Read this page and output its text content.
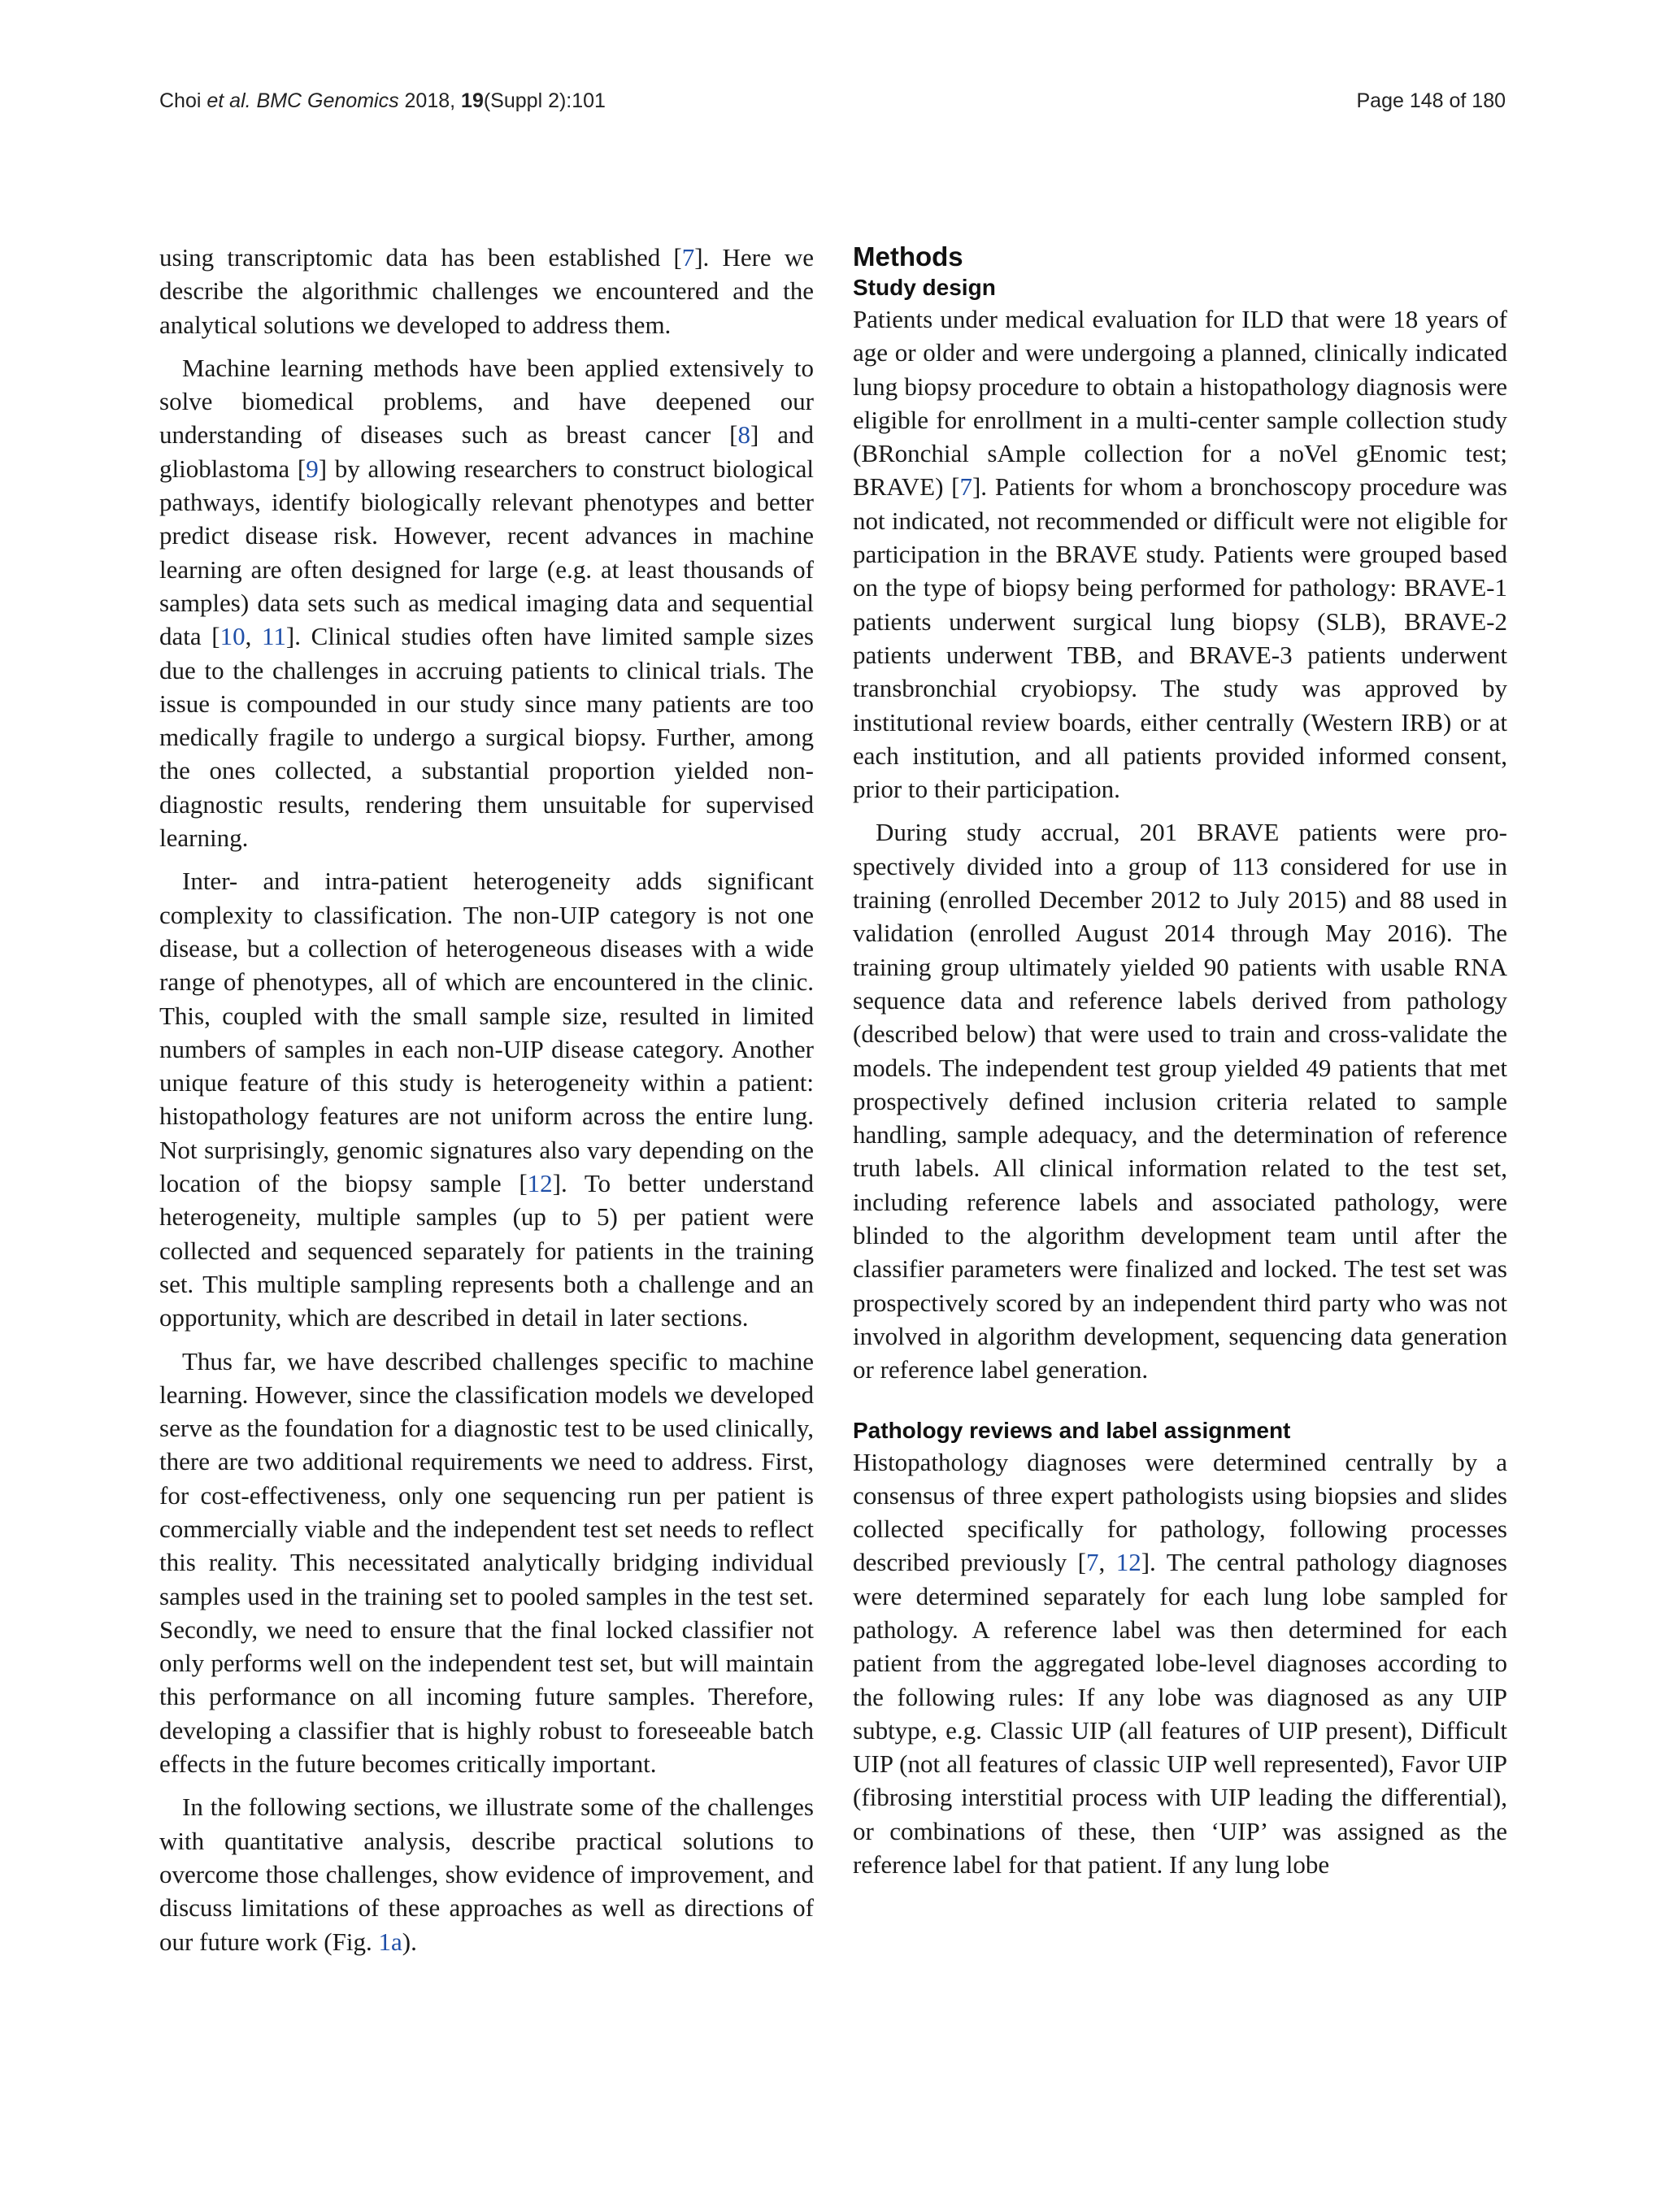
Choi et al. BMC Genomics 2018, 19(Suppl 2):101	Page 148 of 180

using transcriptomic data has been established [7]. Here we describe the algorithmic challenges we encountered and the analytical solutions we developed to address them.

Machine learning methods have been applied extensively to solve biomedical problems, and have deepened our understanding of diseases such as breast cancer [8] and glioblastoma [9] by allowing researchers to construct biological pathways, identify biologically relevant phenotypes and better predict disease risk. However, recent advances in machine learning are often designed for large (e.g. at least thousands of samples) data sets such as medical imaging data and sequential data [10, 11]. Clinical studies often have limited sample sizes due to the challenges in accruing patients to clinical trials. The issue is compounded in our study since many patients are too medically fragile to undergo a surgical biopsy. Further, among the ones collected, a substantial proportion yielded non-diagnostic results, rendering them unsuitable for supervised learning.

Inter- and intra-patient heterogeneity adds significant complexity to classification. The non-UIP category is not one disease, but a collection of heterogeneous diseases with a wide range of phenotypes, all of which are encountered in the clinic. This, coupled with the small sample size, resulted in limited numbers of samples in each non-UIP disease category. Another unique feature of this study is heterogeneity within a patient: histopathology features are not uniform across the entire lung. Not surprisingly, genomic signatures also vary depending on the location of the biopsy sample [12]. To better understand heterogeneity, multiple samples (up to 5) per patient were collected and sequenced separately for patients in the training set. This multiple sampling represents both a challenge and an opportunity, which are described in detail in later sections.

Thus far, we have described challenges specific to machine learning. However, since the classification models we developed serve as the foundation for a diagnostic test to be used clinically, there are two additional requirements we need to address. First, for cost-effectiveness, only one sequencing run per patient is commercially viable and the independent test set needs to reflect this reality. This necessitated analytically bridging individual samples used in the training set to pooled samples in the test set. Secondly, we need to ensure that the final locked classifier not only performs well on the independent test set, but will maintain this performance on all incoming future samples. Therefore, developing a classifier that is highly robust to foreseeable batch effects in the future becomes critically important.

In the following sections, we illustrate some of the challenges with quantitative analysis, describe practical solutions to overcome those challenges, show evidence of improvement, and discuss limitations of these approaches as well as directions of our future work (Fig. 1a).

Methods
Study design

Patients under medical evaluation for ILD that were 18 years of age or older and were undergoing a planned, clinically indicated lung biopsy procedure to obtain a histopathology diagnosis were eligible for enrollment in a multi-center sample collection study (BRonchial sAmple collection for a noVel gEnomic test; BRAVE) [7]. Patients for whom a bronchoscopy procedure was not indicated, not recommended or difficult were not eligible for participation in the BRAVE study. Patients were grouped based on the type of biopsy being performed for pathology: BRAVE-1 patients underwent surgical lung biopsy (SLB), BRAVE-2 patients underwent TBB, and BRAVE-3 patients underwent transbronchial cryobiopsy. The study was approved by institutional review boards, either centrally (Western IRB) or at each institution, and all patients provided informed consent, prior to their participation.

During study accrual, 201 BRAVE patients were prospectively divided into a group of 113 considered for use in training (enrolled December 2012 to July 2015) and 88 used in validation (enrolled August 2014 through May 2016). The training group ultimately yielded 90 patients with usable RNA sequence data and reference labels derived from pathology (described below) that were used to train and cross-validate the models. The independent test group yielded 49 patients that met prospectively defined inclusion criteria related to sample handling, sample adequacy, and the determination of reference truth labels. All clinical information related to the test set, including reference labels and associated pathology, were blinded to the algorithm development team until after the classifier parameters were finalized and locked. The test set was prospectively scored by an independent third party who was not involved in algorithm development, sequencing data generation or reference label generation.

Pathology reviews and label assignment

Histopathology diagnoses were determined centrally by a consensus of three expert pathologists using biopsies and slides collected specifically for pathology, following processes described previously [7, 12]. The central pathology diagnoses were determined separately for each lung lobe sampled for pathology. A reference label was then determined for each patient from the aggregated lobe-level diagnoses according to the following rules: If any lobe was diagnosed as any UIP subtype, e.g. Classic UIP (all features of UIP present), Difficult UIP (not all features of classic UIP well represented), Favor UIP (fibrosing interstitial process with UIP leading the differential), or combinations of these, then ‘UIP’ was assigned as the reference label for that patient. If any lung lobe
